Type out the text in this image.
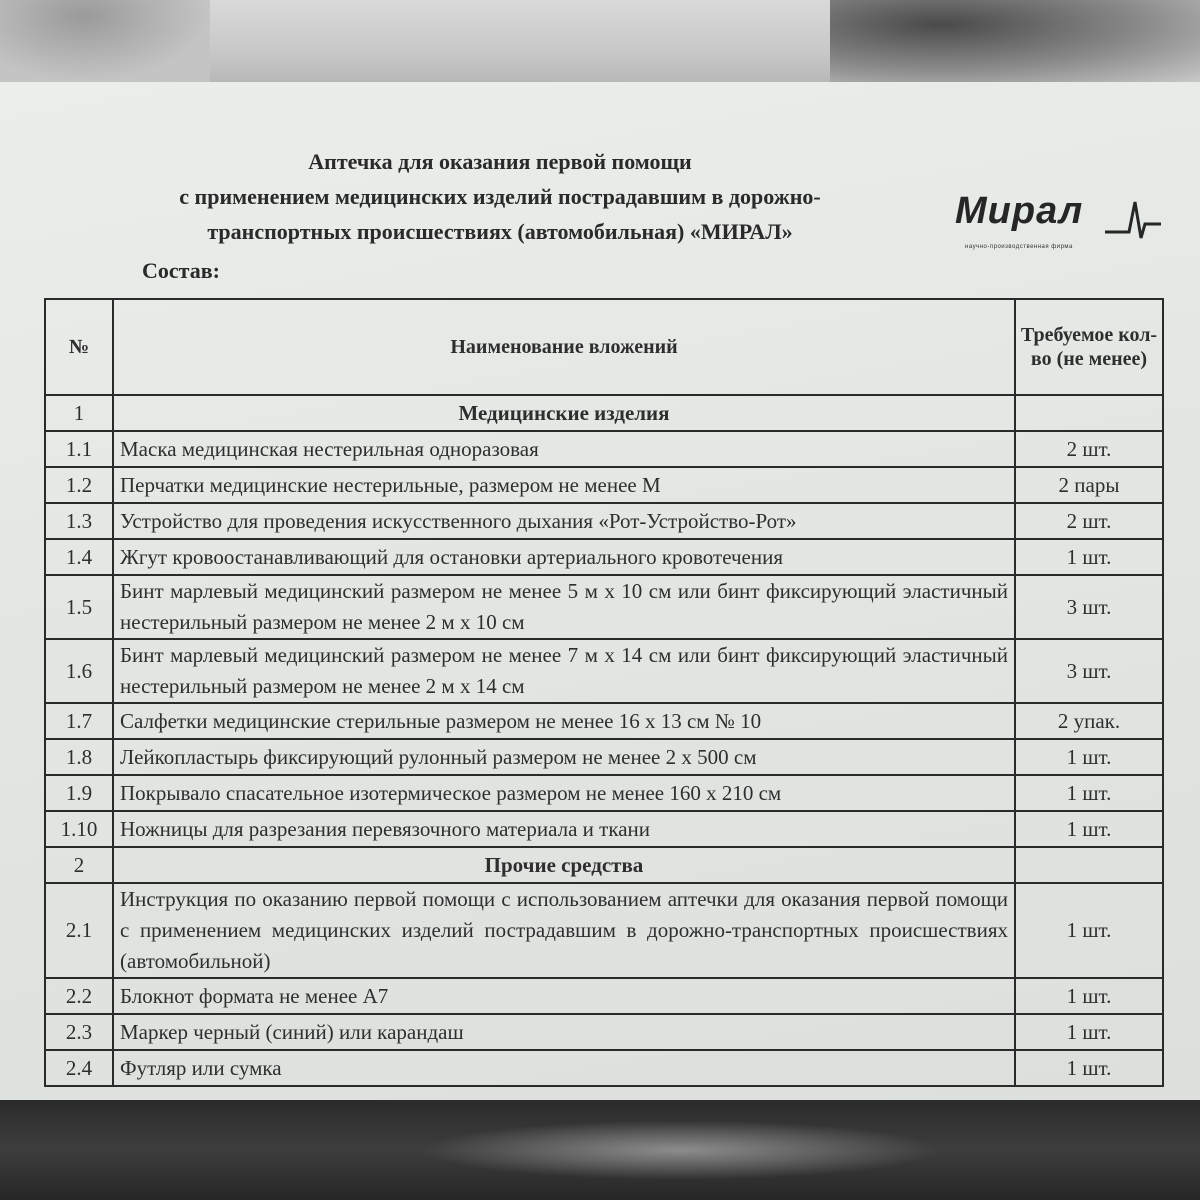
Аптечка для оказания первой помощи
с применением медицинских изделий пострадавшим в дорожно-
транспортных происшествиях (автомобильная) «МИРАЛ»	Мирал
научно-производственная фирма
Состав:
№	Наименование вложений	Требуемое кол-во (не менее)
1	Медицинские изделия	
1.1	Маска медицинская нестерильная одноразовая	2 шт.
1.2	Перчатки медицинские нестерильные, размером не менее М	2 пары
1.3	Устройство для проведения искусственного дыхания «Рот-Устройство-Рот»	2 шт.
1.4	Жгут кровоостанавливающий для остановки артериального кровотечения	1 шт.
1.5	Бинт марлевый медицинский размером не менее 5 м х 10 см или бинт фиксирующий эластичный нестерильный размером не менее 2 м х 10 см	3 шт.
1.6	Бинт марлевый медицинский размером не менее 7 м х 14 см или бинт фиксирующий эластичный нестерильный размером не менее 2 м х 14 см	3 шт.
1.7	Салфетки медицинские стерильные размером не менее 16 х 13 см № 10	2 упак.
1.8	Лейкопластырь фиксирующий рулонный размером не менее 2 х 500 см	1 шт.
1.9	Покрывало спасательное изотермическое размером не менее 160 х 210 см	1 шт.
1.10	Ножницы для разрезания перевязочного материала и ткани	1 шт.
2	Прочие средства	
2.1	Инструкция по оказанию первой помощи с использованием аптечки для оказания первой помощи с применением медицинских изделий пострадавшим в дорожно-транспортных происшествиях (автомобильной)	1 шт.
2.2	Блокнот формата не менее А7	1 шт.
2.3	Маркер черный (синий) или карандаш	1 шт.
2.4	Футляр или сумка	1 шт.
